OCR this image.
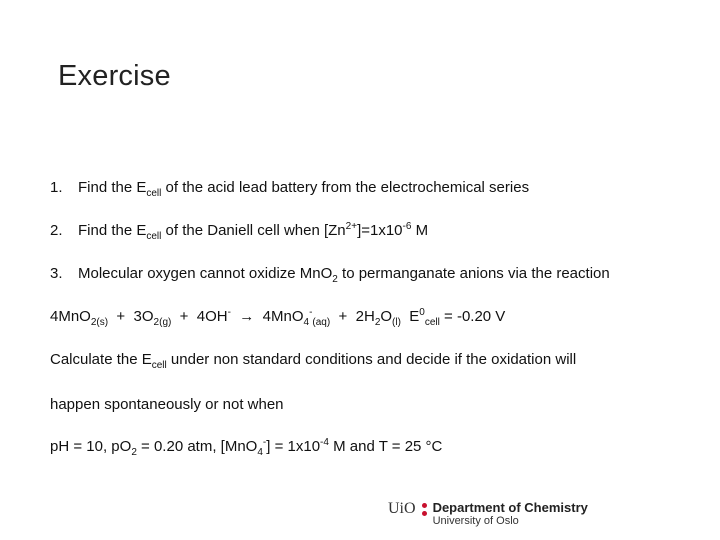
Exercise
1. Find the $E_{cell}$ of the acid lead battery from the electrochemical series
2. Find the $E_{cell}$ of the Daniell cell when $[Zn^{2+}]=1x10^{-6}$ M
3. Molecular oxygen cannot oxidize MnO$_2$ to permanganate anions via the reaction
$4MnO_{2(s)} + 3O_{2(g)} + 4OH^- \to 4MnO_4^-_{(aq)} + 2H_2O_{(l)}$  $E^0_{cell} = -0.20$ V
Calculate the $E_{cell}$ under non standard conditions and decide if the oxidation will
happen spontaneously or not when
pH = 10, $pO_2 = 0.20$ atm, $[MnO_4^-] = 1x10^{-4}$ M and T = 25 °C
UiO Department of Chemistry
University of Oslo
